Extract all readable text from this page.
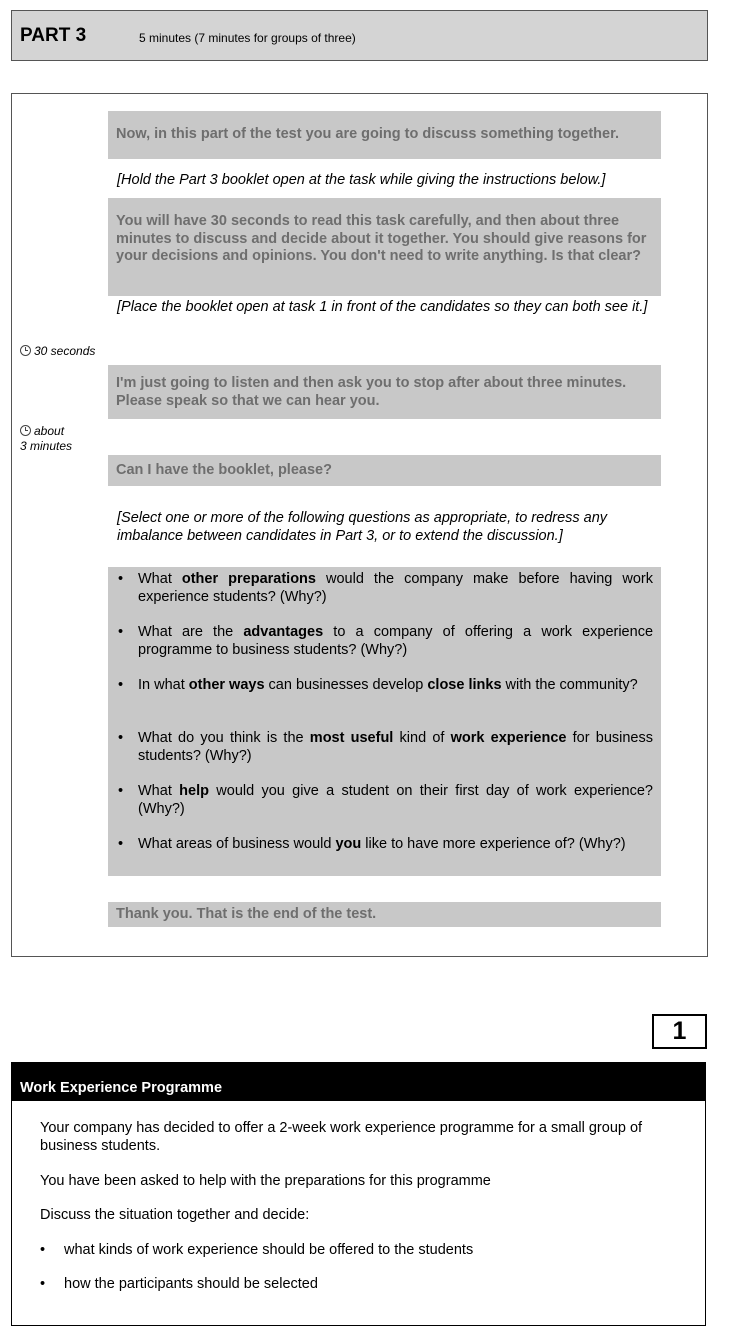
PART 3	5 minutes (7 minutes for groups of three)
Now, in this part of the test you are going to discuss something together.
[Hold the Part 3 booklet open at the task while giving the instructions below.]
You will have 30 seconds to read this task carefully, and then about three minutes to discuss and decide about it together. You should give reasons for your decisions and opinions. You don't need to write anything. Is that clear?
[Place the booklet open at task 1 in front of the candidates so they can both see it.]
30 seconds
I'm just going to listen and then ask you to stop after about three minutes. Please speak so that we can hear you.
about
3 minutes
Can I have the booklet, please?
[Select one or more of the following questions as appropriate, to redress any imbalance between candidates in Part 3, or to extend the discussion.]
• What other preparations would the company make before having work experience students? (Why?)
• What are the advantages to a company of offering a work experience programme to business students? (Why?)
• In what other ways can businesses develop close links with the community?
• What do you think is the most useful kind of work experience for business students? (Why?)
• What help would you give a student on their first day of work experience? (Why?)
• What areas of business would you like to have more experience of? (Why?)
Thank you. That is the end of the test.
1
Work Experience Programme
Your company has decided to offer a 2-week work experience programme for a small group of business students.
You have been asked to help with the preparations for this programme
Discuss the situation together and decide:
• what kinds of work experience should be offered to the students
• how the participants should be selected
